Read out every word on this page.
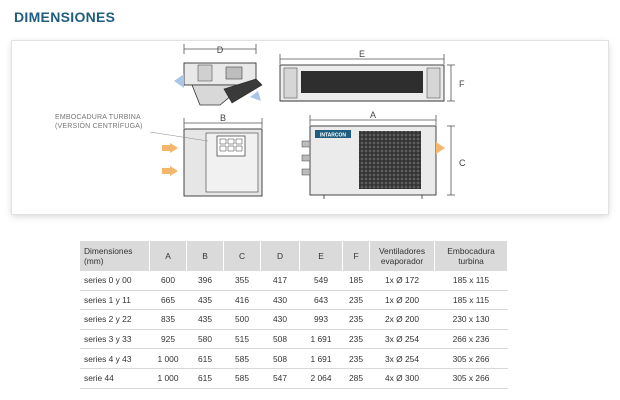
DIMENSIONES
D	E
F
B	A
INTARCON
C
EMBOCADURA TURBINA
(VERSIÓN CENTRÍFUGA)
Dimensiones (mm)	A	B	C	D	E	F	Ventiladores evaporador	Embocadura turbina
series 0 y 00	600	396	355	417	549	185	1x Ø 172	185 x 115
series 1 y 11	665	435	416	430	643	235	1x Ø 200	185 x 115
series 2 y 22	835	435	500	430	993	235	2x Ø 200	230 x 130
series 3 y 33	925	580	515	508	1 691	235	3x Ø 254	266 x 236
series 4 y 43	1 000	615	585	508	1 691	235	3x Ø 254	305 x 266
serie 44	1 000	615	585	547	2 064	285	4x Ø 300	305 x 266
